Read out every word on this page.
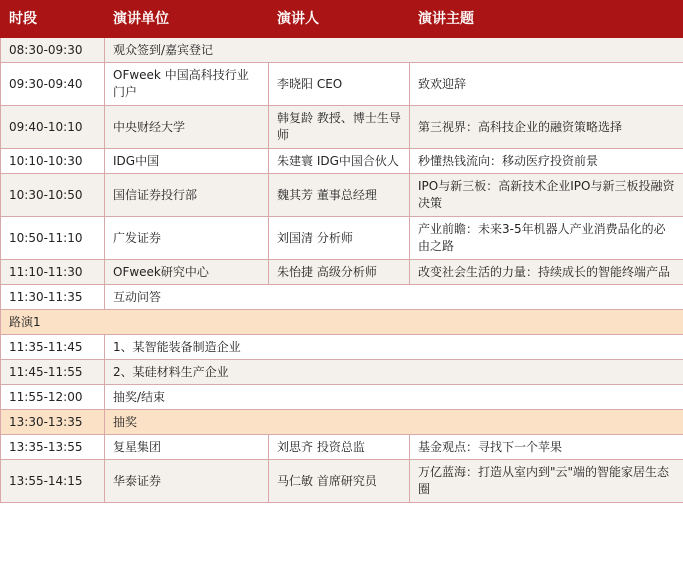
时段	演讲单位	演讲人	演讲主题
08:30-09:30	观众签到/嘉宾登记		
09:30-09:40	OFweek 中国高科技行业门户	李晓阳 CEO	致欢迎辞
09:40-10:10	中央财经大学	韩复龄 教授、博士生导师	第三视界：高科技企业的融资策略选择
10:10-10:30	IDG中国	朱建寰 IDG中国合伙人	秒懂热钱流向：移动医疗投资前景
10:30-10:50	国信证券投行部	魏其芳 董事总经理	IPO与新三板：高新技术企业IPO与新三板投融资决策
10:50-11:10	广发证券	刘国清 分析师	产业前瞻：未来3-5年机器人产业消费品化的必由之路
11:10-11:30	OFweek研究中心	朱怡捷 高级分析师	改变社会生活的力量：持续成长的智能终端产品
11:30-11:35	互动问答		
路演1			
11:35-11:45	1、某智能装备制造企业		
11:45-11:55	2、某硅材料生产企业		
11:55-12:00	抽奖/结束		
13:30-13:35	抽奖		
13:35-13:55	复星集团	刘思齐 投资总监	基金观点：寻找下一个苹果
13:55-14:15	华泰证券	马仁敏 首席研究员	万亿蓝海：打造从室内到"云"端的智能家居生态圈
